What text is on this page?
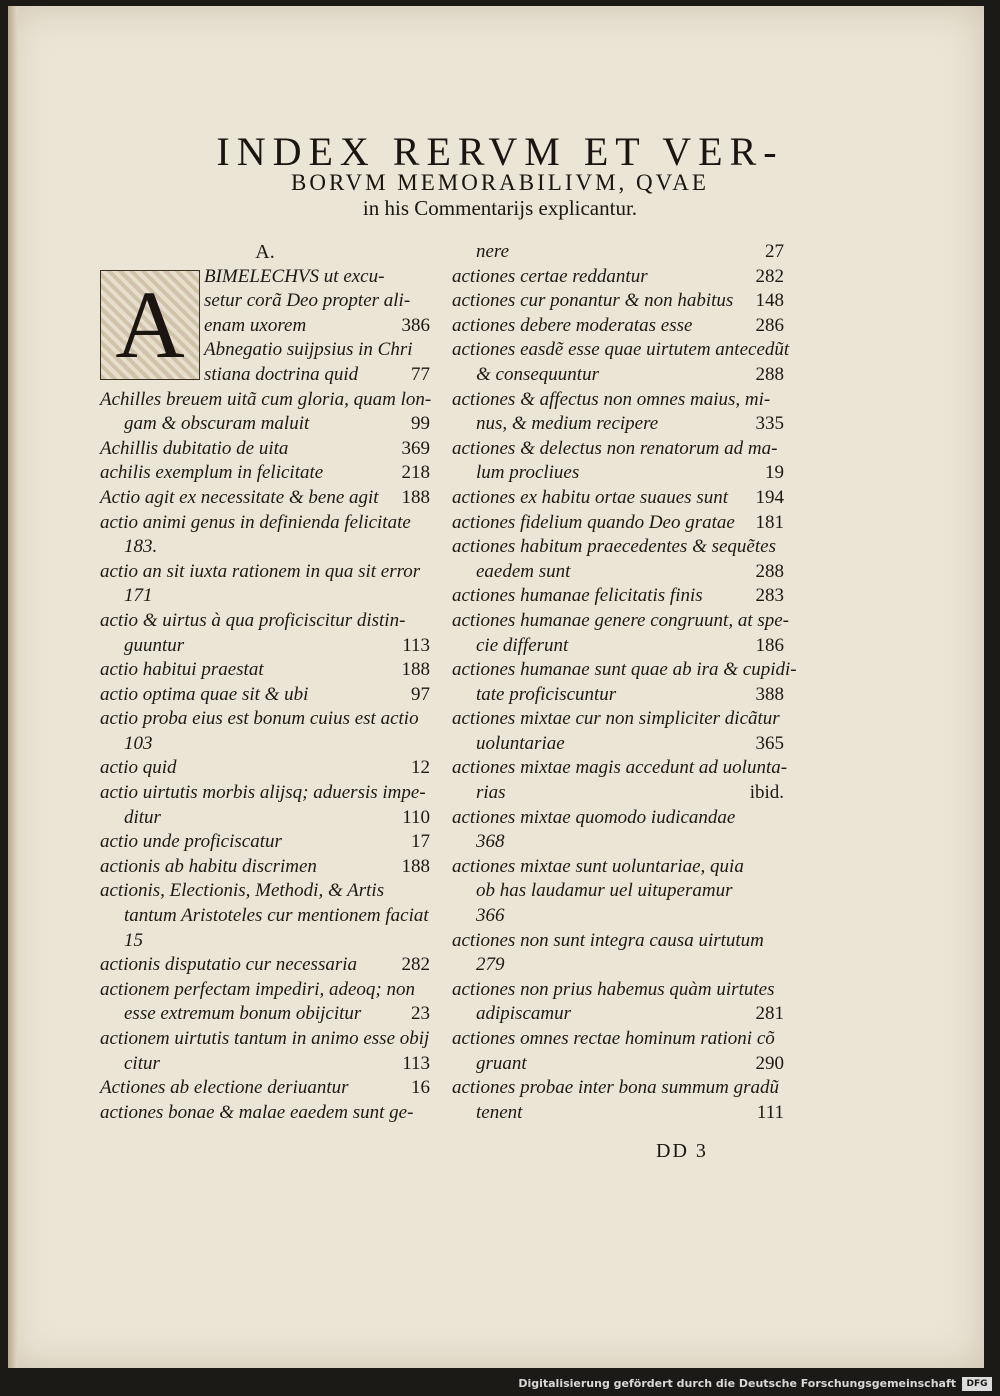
INDEX RERVM ET VER-
BORVM MEMORABILIVM, QVAE
in his Commentarijs explicantur.
A
A.
BIMELECHVS ut excu-
setur corã Deo propter ali-
enam uxorem	386
Abnegatio suijpsius in Chri
stiana doctrina quid	77
Achilles breuem uitã cum gloria, quam lon-
gam & obscuram maluit	99
Achillis dubitatio de uita	369
achilis exemplum in felicitate	218
Actio agit ex necessitate & bene agit 188
actio animi genus in definienda felicitate
183.
actio an sit iuxta rationem in qua sit error
171
actio & uirtus à qua proficiscitur distin-
guuntur	113
actio habitui praestat	188
actio optima quae sit & ubi	97
actio proba eius est bonum cuius est actio
103
actio quid	12
actio uirtutis morbis alijsq; aduersis impe-
ditur	110
actio unde proficiscatur	17
actionis ab habitu discrimen	188
actionis, Electionis, Methodi, & Artis
tantum Aristoteles cur mentionem faciat
15
actionis disputatio cur necessaria 282
actionem perfectam impediri, adeoq; non
esse extremum bonum obijcitur	23
actionem uirtutis tantum in animo esse obij
citur	113
Actiones ab electione deriuantur	16
actiones bonae & malae eaedem sunt ge-
nere	27
actiones certae reddantur	282
actiones cur ponantur & non habitus 148
actiones debere moderatas esse	286
actiones easdẽ esse quae uirtutem antecedũt
& consequuntur	288
actiones & affectus non omnes maius, mi-
nus, & medium recipere	335
actiones & delectus non renatorum ad ma-
lum procliues	19
actiones ex habitu ortae suaues sunt 194
actiones fidelium quando Deo gratae 181
actiones habitum praecedentes & sequẽtes
eaedem sunt	288
actiones humanae felicitatis finis	283
actiones humanae genere congruunt, at spe-
cie differunt	186
actiones humanae sunt quae ab ira & cupidi-
tate proficiscuntur	388
actiones mixtae cur non simpliciter dicãtur
uoluntariae	365
actiones mixtae magis accedunt ad uolunta-
rias	ibid.
actiones mixtae quomodo iudicandae
368
actiones mixtae sunt uoluntariae, quia
ob has laudamur uel uituperamur
366
actiones non sunt integra causa uirtutum
279
actiones non prius habemus quàm uirtutes
adipiscamur	281
actiones omnes rectae hominum rationi cõ
gruant	290
actiones probae inter bona summum gradũ
tenent	111
DD 3
Digitalisierung gefördert durch die Deutsche Forschungsgemeinschaft	DFG
